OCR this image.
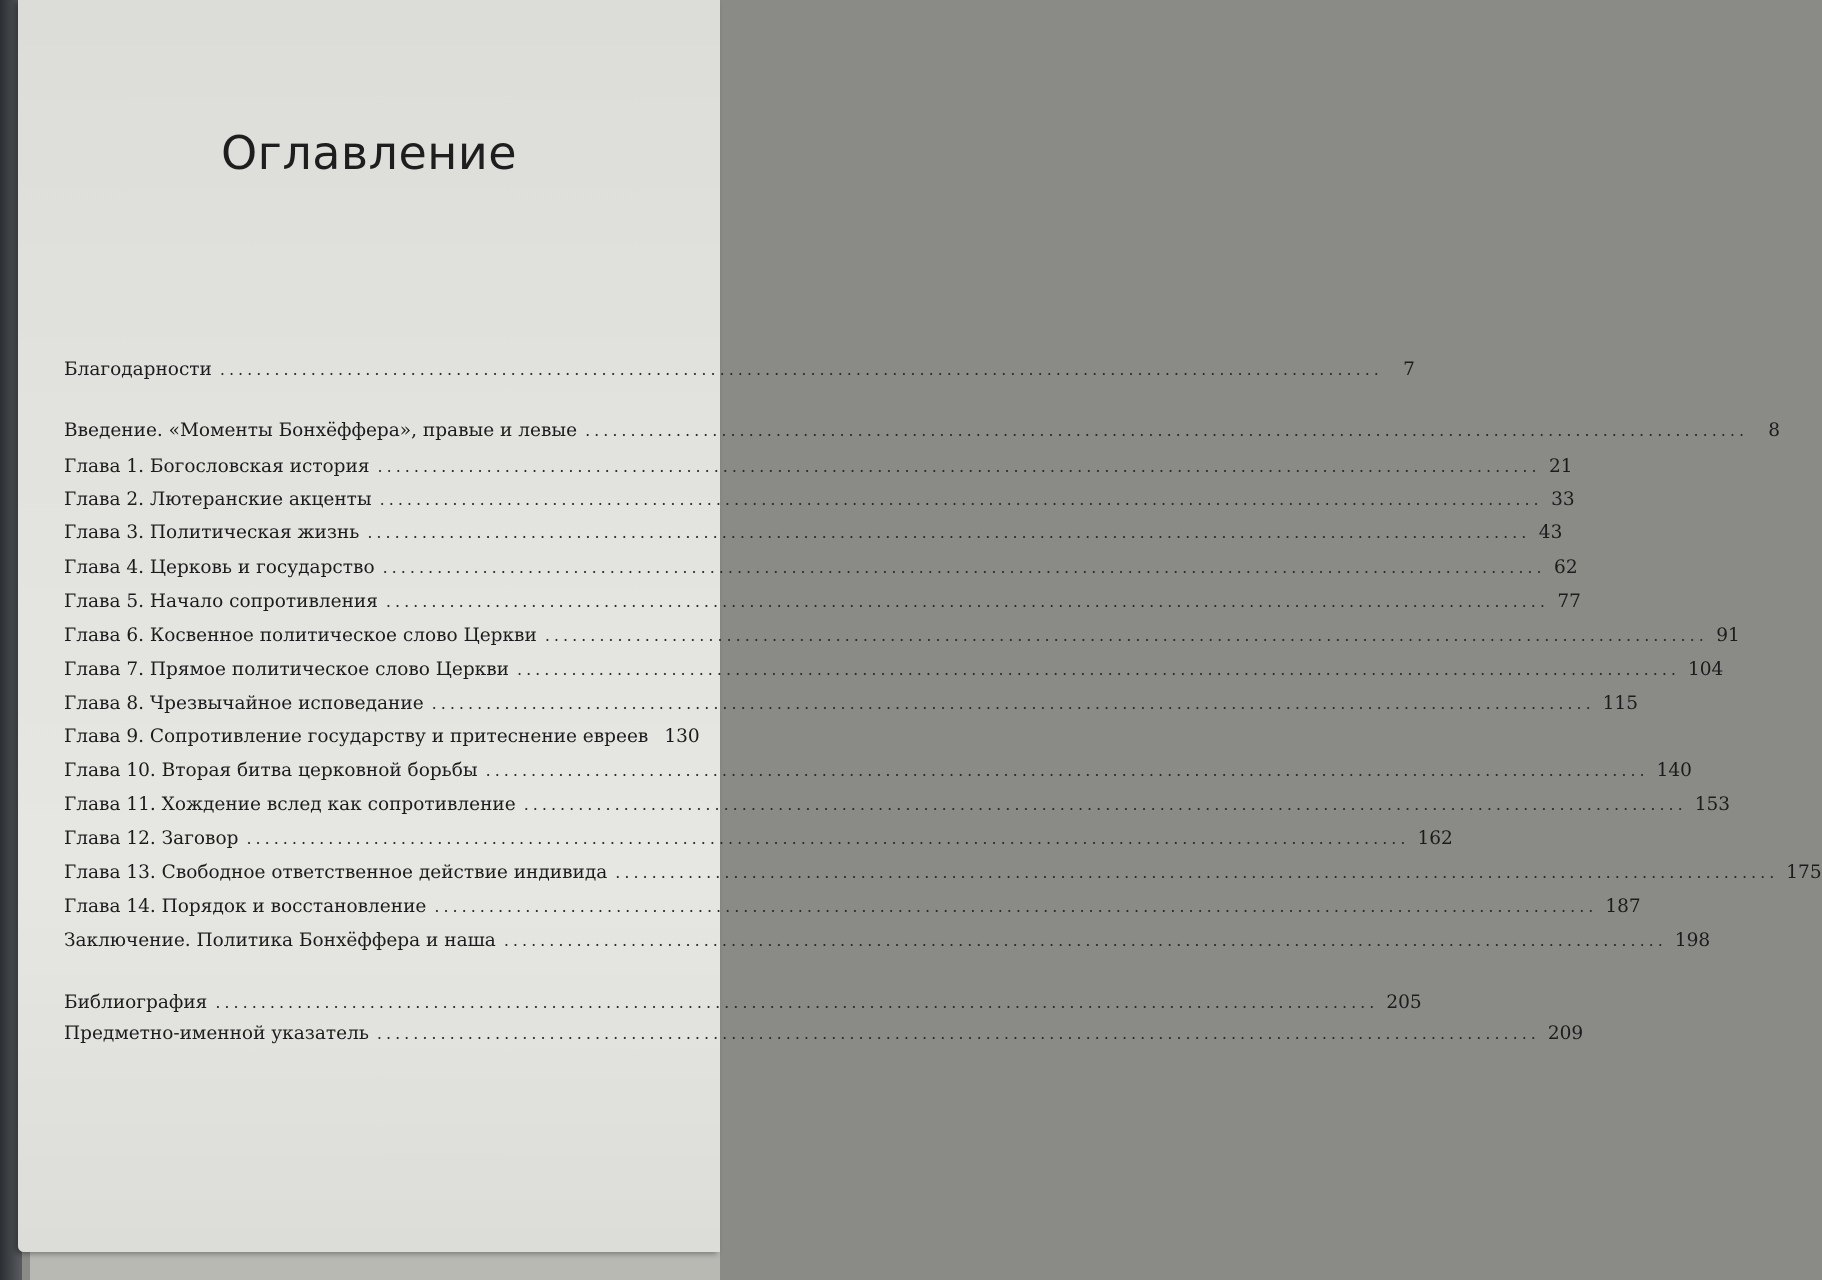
Оглавление
Благодарности ................................................................................................................................	7
Введение. «Моменты Бонхёффера», правые и левые ................................................................................................................................	8
Глава 1. Богословская история ................................................................................................................................ 21
Глава 2. Лютеранские акценты ................................................................................................................................ 33
Глава 3. Политическая жизнь ................................................................................................................................ 43
Глава 4. Церковь и государство ................................................................................................................................ 62
Глава 5. Начало сопротивления ................................................................................................................................ 77
Глава 6. Косвенное политическое слово Церкви ................................................................................................................................ 91
Глава 7. Прямое политическое слово Церкви ................................................................................................................................ 104
Глава 8. Чрезвычайное исповедание ................................................................................................................................ 115
Глава 9. Сопротивление государству и притеснение евреев 130
Глава 10. Вторая битва церковной борьбы ................................................................................................................................ 140
Глава 11. Хождение вслед как сопротивление ................................................................................................................................ 153
Глава 12. Заговор ................................................................................................................................ 162
Глава 13. Свободное ответственное действие индивида ................................................................................................................................ 175
Глава 14. Порядок и восстановление ................................................................................................................................ 187
Заключение. Политика Бонхёффера и наша ................................................................................................................................ 198
Библиография ................................................................................................................................ 205
Предметно-именной указатель ................................................................................................................................ 209
